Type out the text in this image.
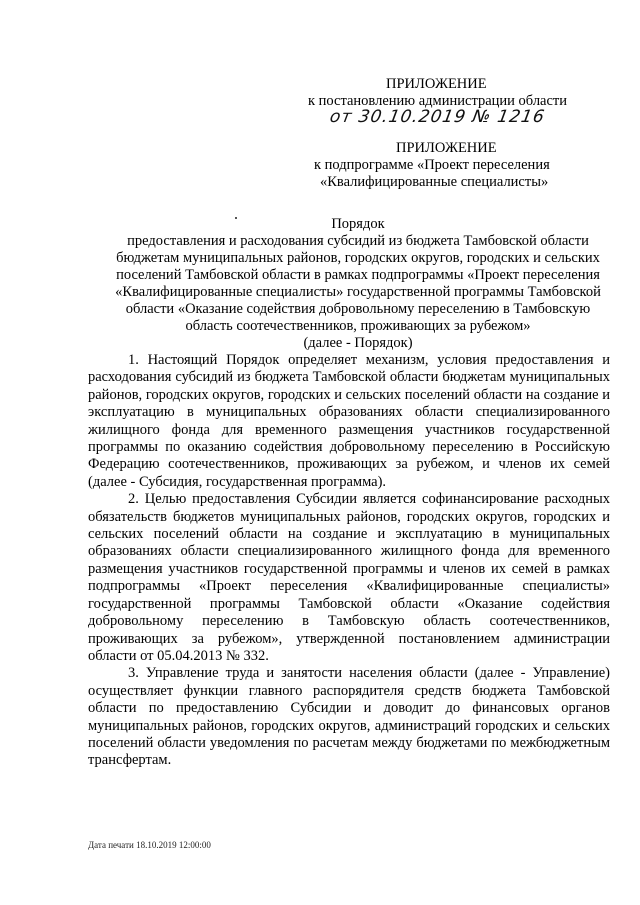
ПРИЛОЖЕНИЕ
к постановлению администрации области
от 30.10.2019 № 1216
ПРИЛОЖЕНИЕ
к подпрограмме «Проект переселения
«Квалифицированные специалисты»
Порядок
предоставления и расходования субсидий из бюджета Тамбовской области
бюджетам муниципальных районов, городских округов, городских и сельских
поселений Тамбовской области в рамках подпрограммы «Проект переселения
«Квалифицированные специалисты» государственной программы Тамбовской
области «Оказание содействия добровольному переселению в Тамбовскую
область соотечественников, проживающих за рубежом»
(далее - Порядок)

1. Настоящий Порядок определяет механизм, условия предоставления и расходования субсидий из бюджета Тамбовской области бюджетам муниципальных районов, городских округов, городских и сельских поселений области на создание и эксплуатацию в муниципальных образованиях области специализированного жилищного фонда для временного размещения участников государственной программы по оказанию содействия добровольному переселению в Российскую Федерацию соотечественников, проживающих за рубежом, и членов их семей (далее - Субсидия, государственная программа).

2. Целью предоставления Субсидии является софинансирование расходных обязательств бюджетов муниципальных районов, городских округов, городских и сельских поселений области на создание и эксплуатацию в муниципальных образованиях области специализированного жилищного фонда для временного размещения участников государственной программы и членов их семей в рамках подпрограммы «Проект переселения «Квалифицированные специалисты» государственной программы Тамбовской области «Оказание содействия добровольному переселению в Тамбовскую область соотечественников, проживающих за рубежом», утвержденной постановлением администрации области от 05.04.2013 № 332.

3. Управление труда и занятости населения области (далее - Управление) осуществляет функции главного распорядителя средств бюджета Тамбовской области по предоставлению Субсидии и доводит до финансовых органов муниципальных районов, городских округов, администраций городских и сельских поселений области уведомления по расчетам между бюджетами по межбюджетным трансфертам.

Дата печати 18.10.2019 12:00:00
